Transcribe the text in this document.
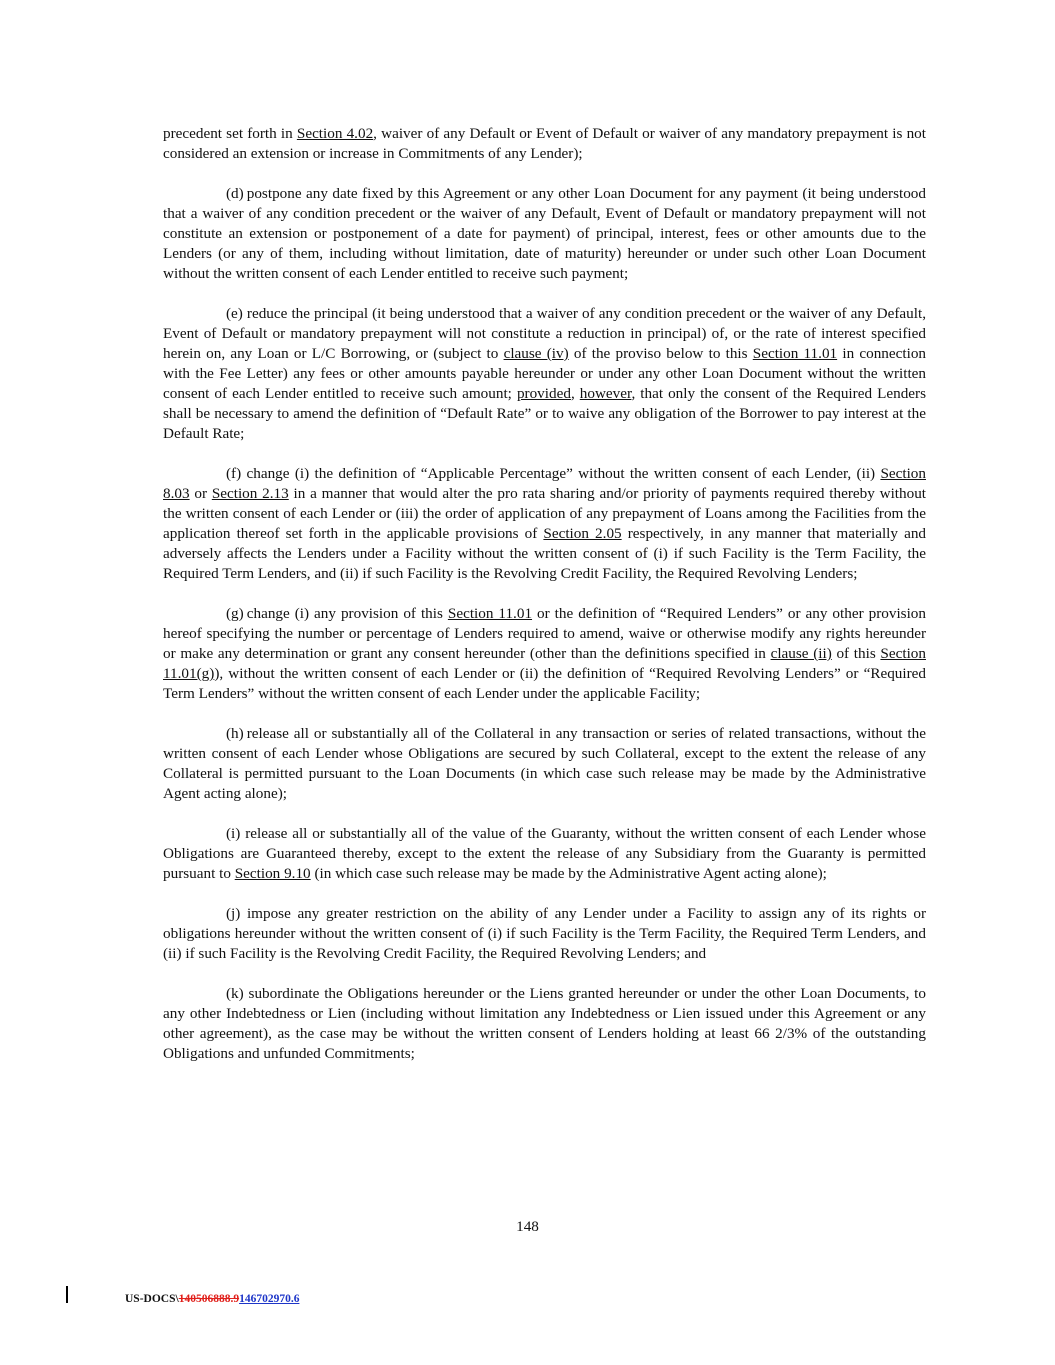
precedent set forth in Section 4.02, waiver of any Default or Event of Default or waiver of any mandatory prepayment is not considered an extension or increase in Commitments of any Lender);

(d) postpone any date fixed by this Agreement or any other Loan Document for any payment (it being understood that a waiver of any condition precedent or the waiver of any Default, Event of Default or mandatory prepayment will not constitute an extension or postponement of a date for payment) of principal, interest, fees or other amounts due to the Lenders (or any of them, including without limitation, date of maturity) hereunder or under such other Loan Document without the written consent of each Lender entitled to receive such payment;

(e) reduce the principal (it being understood that a waiver of any condition precedent or the waiver of any Default, Event of Default or mandatory prepayment will not constitute a reduction in principal) of, or the rate of interest specified herein on, any Loan or L/C Borrowing, or (subject to clause (iv) of the proviso below to this Section 11.01 in connection with the Fee Letter) any fees or other amounts payable hereunder or under any other Loan Document without the written consent of each Lender entitled to receive such amount; provided, however, that only the consent of the Required Lenders shall be necessary to amend the definition of “Default Rate” or to waive any obligation of the Borrower to pay interest at the Default Rate;

(f) change (i) the definition of “Applicable Percentage” without the written consent of each Lender, (ii) Section 8.03 or Section 2.13 in a manner that would alter the pro rata sharing and/or priority of payments required thereby without the written consent of each Lender or (iii) the order of application of any prepayment of Loans among the Facilities from the application thereof set forth in the applicable provisions of Section 2.05 respectively, in any manner that materially and adversely affects the Lenders under a Facility without the written consent of (i) if such Facility is the Term Facility, the Required Term Lenders, and (ii) if such Facility is the Revolving Credit Facility, the Required Revolving Lenders;

(g) change (i) any provision of this Section 11.01 or the definition of “Required Lenders” or any other provision hereof specifying the number or percentage of Lenders required to amend, waive or otherwise modify any rights hereunder or make any determination or grant any consent hereunder (other than the definitions specified in clause (ii) of this Section 11.01(g)), without the written consent of each Lender or (ii) the definition of “Required Revolving Lenders” or “Required Term Lenders” without the written consent of each Lender under the applicable Facility;

(h) release all or substantially all of the Collateral in any transaction or series of related transactions, without the written consent of each Lender whose Obligations are secured by such Collateral, except to the extent the release of any Collateral is permitted pursuant to the Loan Documents (in which case such release may be made by the Administrative Agent acting alone);

(i) release all or substantially all of the value of the Guaranty, without the written consent of each Lender whose Obligations are Guaranteed thereby, except to the extent the release of any Subsidiary from the Guaranty is permitted pursuant to Section 9.10 (in which case such release may be made by the Administrative Agent acting alone);

(j) impose any greater restriction on the ability of any Lender under a Facility to assign any of its rights or obligations hereunder without the written consent of (i) if such Facility is the Term Facility, the Required Term Lenders, and (ii) if such Facility is the Revolving Credit Facility, the Required Revolving Lenders; and

(k) subordinate the Obligations hereunder or the Liens granted hereunder or under the other Loan Documents, to any other Indebtedness or Lien (including without limitation any Indebtedness or Lien issued under this Agreement or any other agreement), as the case may be without the written consent of Lenders holding at least 66 2/3% of the outstanding Obligations and unfunded Commitments;

148
US-DOCS\140506888.9146702970.6
